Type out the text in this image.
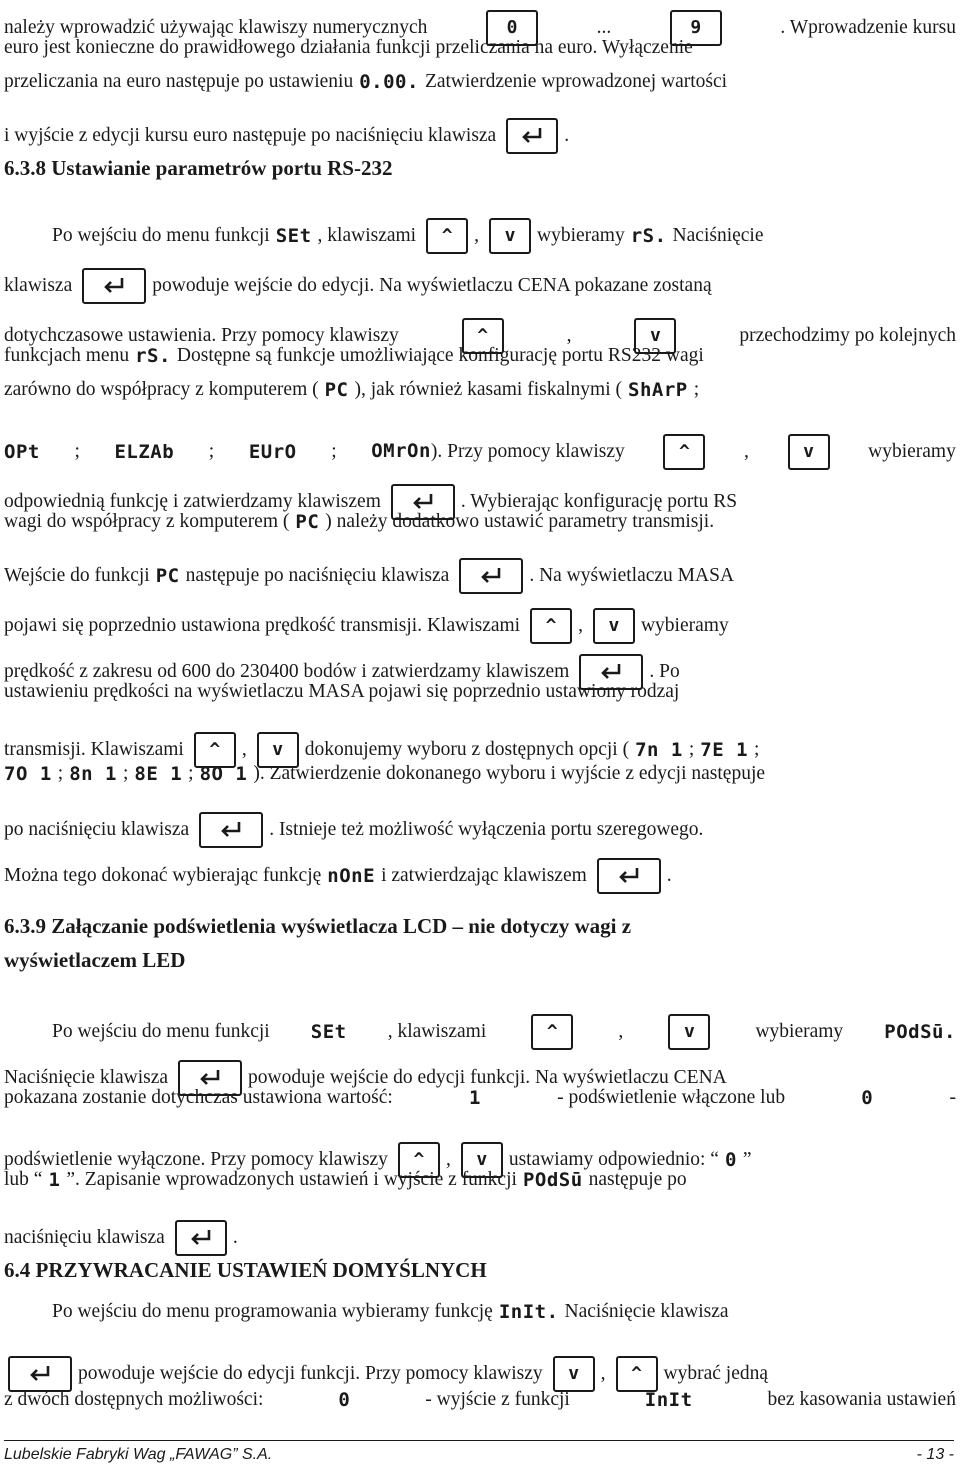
należy wprowadzić używając klawiszy numerycznych	0	...	9	. Wprowadzenie kursu
euro jest konieczne do prawidłowego działania funkcji przeliczania na euro. Wyłączenie
przeliczania na euro następuje po ustawieniu 0.00. Zatwierdzenie wprowadzonej wartości
i wyjście z edycji kursu euro następuje po naciśnięciu klawisza	.
6.3.8 Ustawianie parametrów portu RS-232
Po wejściu do menu funkcji SEt , klawiszami ^ , v wybieramy rS. Naciśnięcie
klawisza	powoduje wejście do edycji. Na wyświetlaczu CENA pokazane zostaną
dotychczasowe ustawienia. Przy pomocy klawiszy	^	,	v	przechodzimy po kolejnych
funkcjach menu rS. Dostępne są funkcje umożliwiające konfigurację portu RS232 wagi
zarówno do współpracy z komputerem ( PC ), jak również kasami fiskalnymi ( ShArP ;
OPt ; ELZAb ; EUrO ; OMrOn). Przy pomocy klawiszy	^	,	v	wybieramy
odpowiednią funkcję i zatwierdzamy klawiszem	. Wybierając konfigurację portu RS
wagi do współpracy z komputerem ( PC ) należy dodatkowo ustawić parametry transmisji.
Wejście do funkcji PC następuje po naciśnięciu klawisza	. Na wyświetlaczu MASA
pojawi się poprzednio ustawiona prędkość transmisji. Klawiszami ^ , v wybieramy
prędkość z zakresu od 600 do 230400 bodów i zatwierdzamy klawiszem	. Po
ustawieniu prędkości na wyświetlaczu MASA pojawi się poprzednio ustawiony rodzaj
transmisji. Klawiszami ^ , v dokonujemy wyboru z dostępnych opcji ( 7n 1 ; 7E 1 ;
7O 1 ; 8n 1 ; 8E 1 ; 8O 1 ). Zatwierdzenie dokonanego wyboru i wyjście z edycji następuje
po naciśnięciu klawisza	. Istnieje też możliwość wyłączenia portu szeregowego.
Można tego dokonać wybierając funkcję nOnE i zatwierdzając klawiszem	.
6.3.9 Załączanie podświetlenia wyświetlacza LCD – nie dotyczy wagi z
wyświetlaczem LED
Po wejściu do menu funkcji SEt , klawiszami	^	,	v	wybieramy POdSū.
Naciśnięcie klawisza	powoduje wejście do edycji funkcji. Na wyświetlaczu CENA
pokazana zostanie dotychczas ustawiona wartość:	1	- podświetlenie włączone lub	0	-
podświetlenie wyłączone. Przy pomocy klawiszy ^ , v ustawiamy odpowiednio: “ 0 ”
lub “ 1 ”. Zapisanie wprowadzonych ustawień i wyjście z funkcji POdSū następuje po
naciśnięciu klawisza	.
6.4 PRZYWRACANIE USTAWIEŃ DOMYŚLNYCH
Po wejściu do menu programowania wybieramy funkcję InIt. Naciśnięcie klawisza
powoduje wejście do edycji funkcji. Przy pomocy klawiszy v , ^ wybrać jedną
z dwóch dostępnych możliwości:	0	- wyjście z funkcji	InIt	bez kasowania ustawień
Lubelskie Fabryki Wag „FAWAG” S.A.	- 13 -
